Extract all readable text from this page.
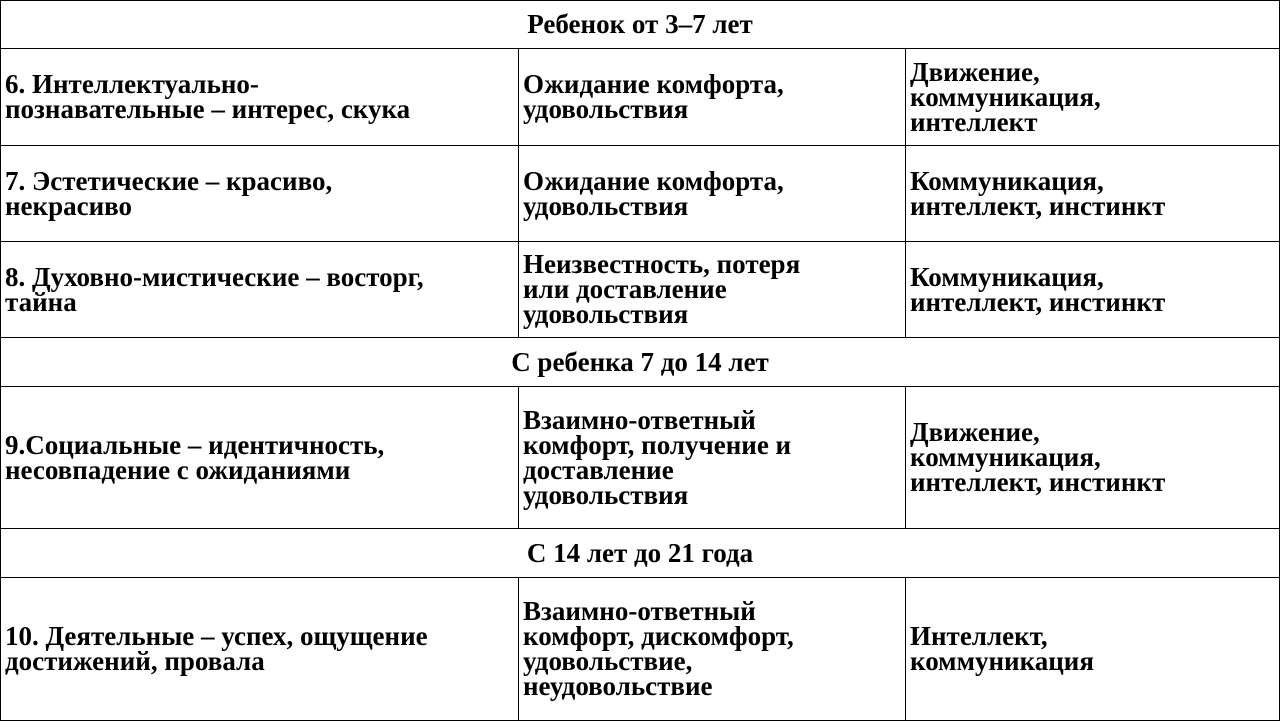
Ребенок от 3–7 лет		

6. Интеллектуально-
познавательные – интерес, скука	Ожидание комфорта,
удовольствия	Движение,
коммуникация,
интеллект

7. Эстетические – красиво,
некрасиво	Ожидание комфорта,
удовольствия	Коммуникация,
интеллект, инстинкт

8. Духовно-мистические – восторг,
тайна	Неизвестность, потеря
или доставление
удовольствия	Коммуникация,
интеллект, инстинкт

С ребенка 7 до 14 лет		

9.Социальные – идентичность,
несовпадение с ожиданиями	Взаимно-ответный
комфорт, получение и
доставление
удовольствия	Движение,
коммуникация,
интеллект, инстинкт

С 14 лет до 21 года		

10. Деятельные – успех, ощущение
достижений, провала	Взаимно-ответный
комфорт, дискомфорт,
удовольствие,
неудовольствие	Интеллект,
коммуникация
